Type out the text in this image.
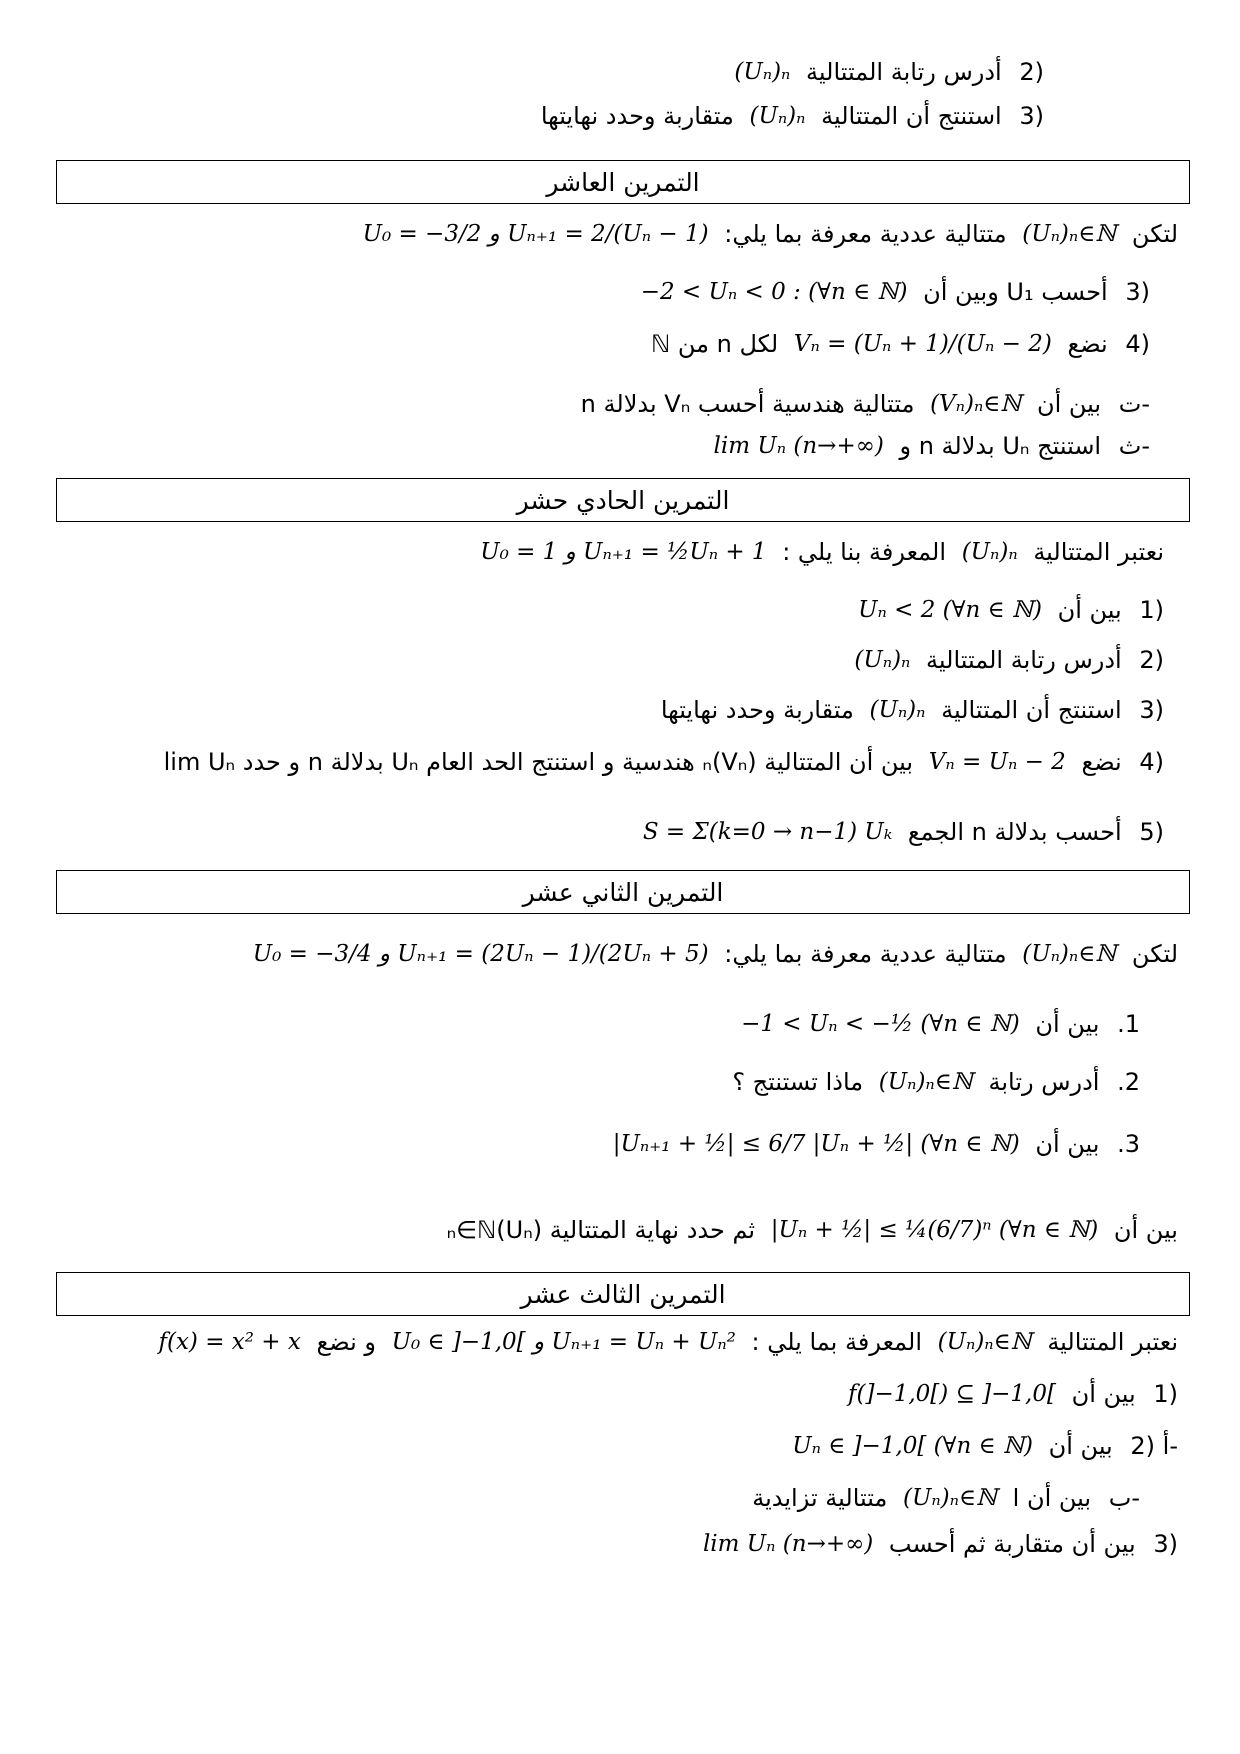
2) أدرس رتابة المتتالية (Uₙ)ₙ
3) استنتج أن المتتالية (Uₙ)ₙ متقاربة وحدد نهايتها
التمرين العاشر
لتكن (Uₙ)ₙ∈ℕ متتالية عددية معرفة بما يلي: U₀ = −3/2 و Uₙ₊₁ = 2/(Uₙ − 1)
3) أحسب U₁ وبين أن −2 < Uₙ < 0 : (∀n ∈ ℕ)
4) نضع Vₙ = (Uₙ + 1)/(Uₙ − 2) لكل n من ℕ
ت- بين أن (Vₙ)ₙ∈ℕ متتالية هندسية أحسب Vₙ بدلالة n
ث- استنتج Uₙ بدلالة n و lim Uₙ (n→+∞)
التمرين الحادي حشر
نعتبر المتتالية (Uₙ)ₙ المعرفة بنا يلي : U₀ = 1 و Uₙ₊₁ = ½Uₙ + 1
1) بين أن Uₙ < 2 (∀n ∈ ℕ)
2) أدرس رتابة المتتالية (Uₙ)ₙ
3) استنتج أن المتتالية (Uₙ)ₙ متقاربة وحدد نهايتها
4) نضع Vₙ = Uₙ − 2 بين أن المتتالية (Vₙ)ₙ هندسية و استنتج الحد العام Uₙ بدلالة n و حدد lim Uₙ
5) أحسب بدلالة n الجمع S = Σ(k=0 → n−1) Uₖ
التمرين الثاني عشر
لتكن (Uₙ)ₙ∈ℕ متتالية عددية معرفة بما يلي: U₀ = −3/4 و Uₙ₊₁ = (2Uₙ − 1)/(2Uₙ + 5)
.1 بين أن −1 < Uₙ < −½ (∀n ∈ ℕ)
.2 أدرس رتابة (Uₙ)ₙ∈ℕ ماذا تستنتج ؟
.3 بين أن |Uₙ₊₁ + ½| ≤ 6/7 |Uₙ + ½| (∀n ∈ ℕ)
بين أن |Uₙ + ½| ≤ ¼(6/7)ⁿ (∀n ∈ ℕ) ثم حدد نهاية المتتالية (Uₙ)ₙ∈ℕ
التمرين الثالث عشر
نعتبر المتتالية (Uₙ)ₙ∈ℕ المعرفة بما يلي : U₀ ∈ ]−1,0[ و Uₙ₊₁ = Uₙ + Uₙ² و نضع f(x) = x² + x
1) بين أن f(]−1,0[) ⊆ ]−1,0[
2) أ- بين أن Uₙ ∈ ]−1,0[ (∀n ∈ ℕ)
ب- بين أن ا (Uₙ)ₙ∈ℕ متتالية تزايدية
3) بين أن متقاربة ثم أحسب lim Uₙ (n→+∞)
